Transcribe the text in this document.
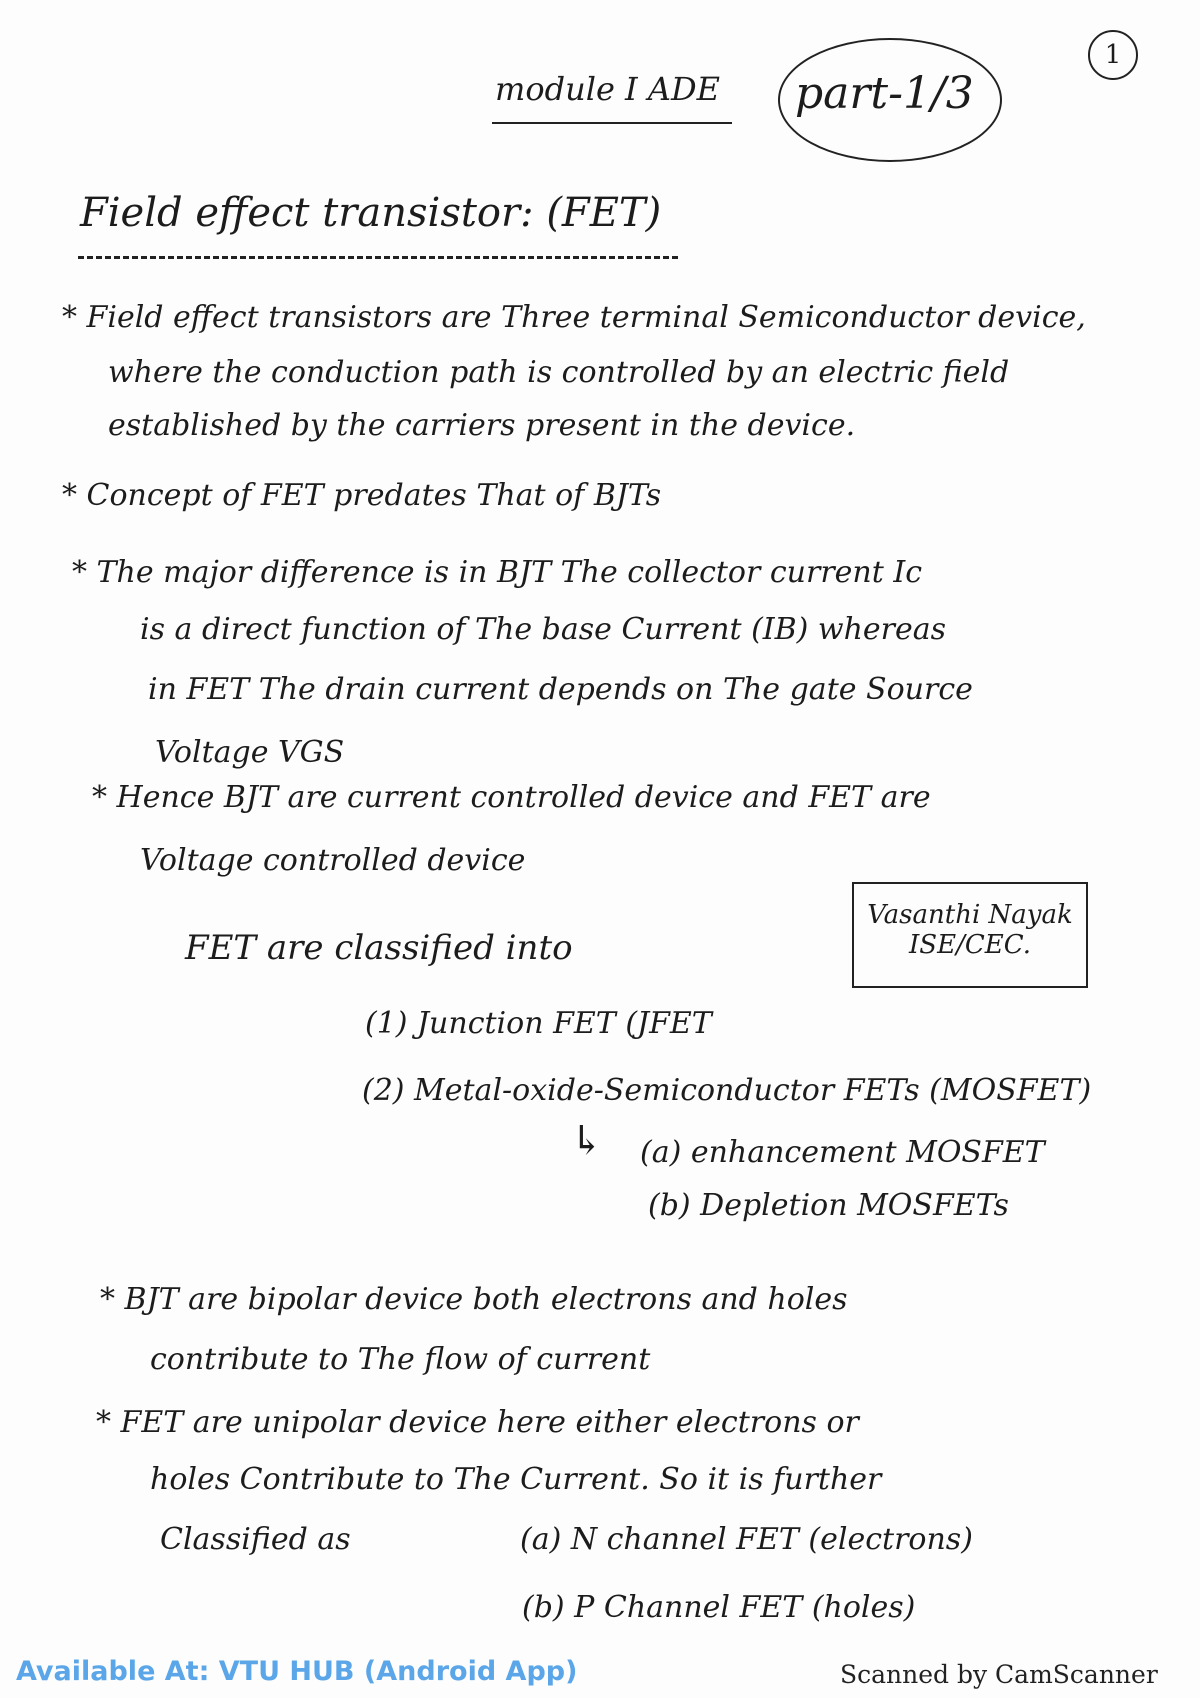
1
module I ADE part-1/3
Field effect transistor: (FET)
* Field effect transistors are Three terminal Semiconductor device,
where the conduction path is controlled by an electric field
established by the carriers present in the device.
* Concept of FET predates That of BJTs
* The major difference is in BJT The collector current Ic
is a direct function of The base Current (IB) whereas
in FET The drain current depends on The gate Source
Voltage VGS
* Hence BJT are current controlled device and FET are
Voltage controlled device
Vasanthi Nayak
ISE/CEC.
FET are classified into
(1) Junction FET (JFET
(2) Metal-oxide-Semiconductor FETs (MOSFET)
↳ (a) enhancement MOSFET
(b) Depletion MOSFETs
* BJT are bipolar device both electrons and holes
contribute to The flow of current
* FET are unipolar device here either electrons or
holes Contribute to The Current. So it is further
Classified as	(a) N channel FET (electrons)
(b) P Channel FET (holes)
Available At: VTU HUB (Android App)	Scanned by CamScanner
